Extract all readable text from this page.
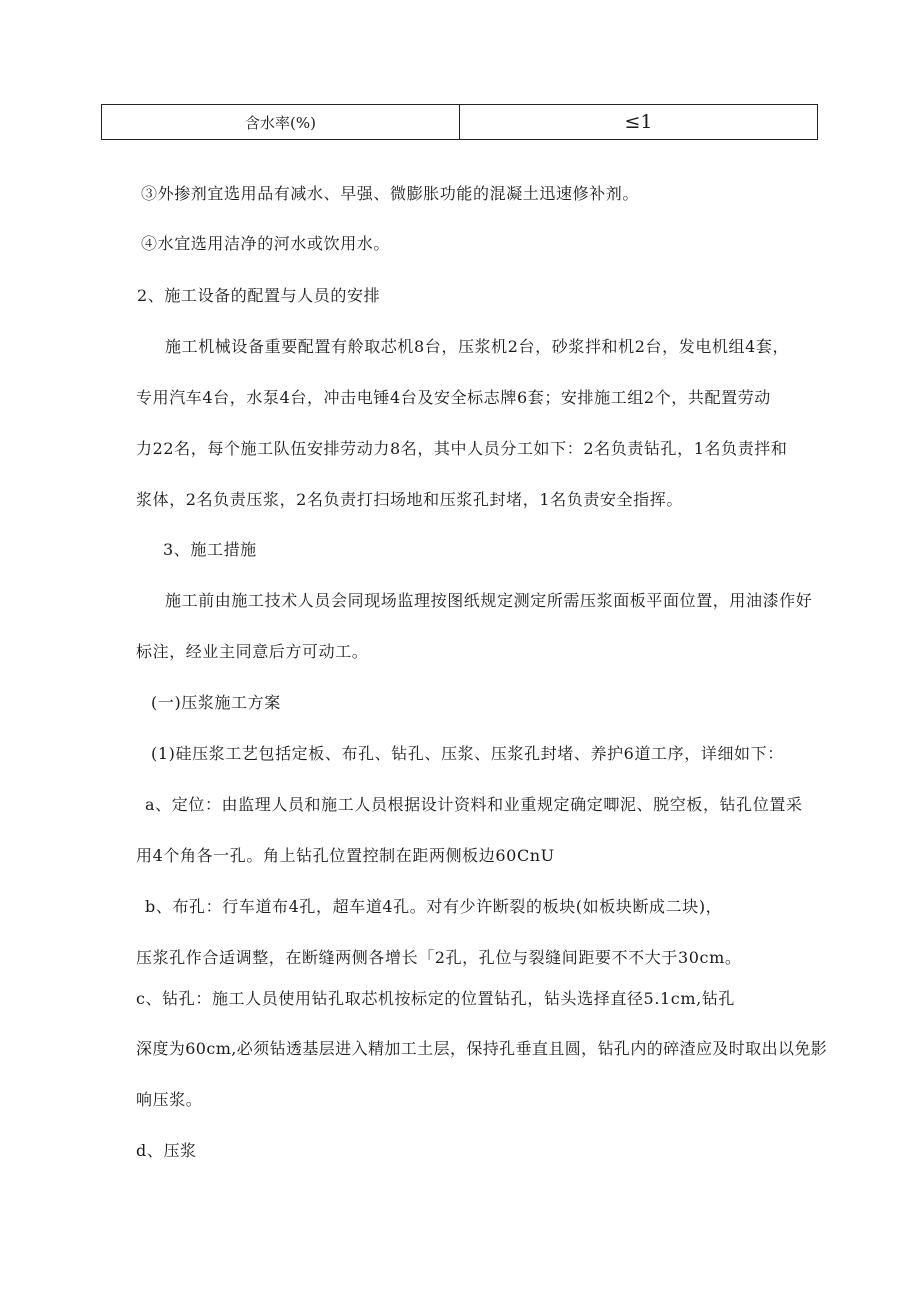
含水率(%)	≤1
③外掺剂宜选用品有减水、早强、微膨胀功能的混凝土迅速修补剂。
④水宜选用洁净的河水或饮用水。
2、施工设备的配置与人员的安排
施工机械设备重要配置有舲取芯机8台，压浆机2台，砂浆拌和机2台，发电机组4套，
专用汽车4台，水泵4台，冲击电锤4台及安全标志牌6套；安排施工组2个，共配置劳动
力22名，每个施工队伍安排劳动力8名，其中人员分工如下：2名负责钻孔，1名负责拌和
浆体，2名负责压浆，2名负责打扫场地和压浆孔封堵，1名负责安全指挥。
3、施工措施
施工前由施工技术人员会同现场监理按图纸规定测定所需压浆面板平面位置，用油漆作好
标注，经业主同意后方可动工。
(一)压浆施工方案
(1)硅压浆工艺包括定板、布孔、钻孔、压浆、压浆孔封堵、养护6道工序，详细如下：
a、定位：由监理人员和施工人员根据设计资料和业重规定确定唧泥、脱空板，钻孔位置采
用4个角各一孔。角上钻孔位置控制在距两侧板边60CnU
b、布孔：行车道布4孔，超车道4孔。对有少许断裂的板块(如板块断成二块)，
压浆孔作合适调整，在断缝两侧各增长「2孔，孔位与裂缝间距要不不大于30cm。
c、钻孔：施工人员使用钻孔取芯机按标定的位置钻孔，钻头选择直径5.1cm,钻孔
深度为60cm,必须钻透基层进入精加工土层，保持孔垂直且圆，钻孔内的碎渣应及时取出以免影
响压浆。
d、压浆
